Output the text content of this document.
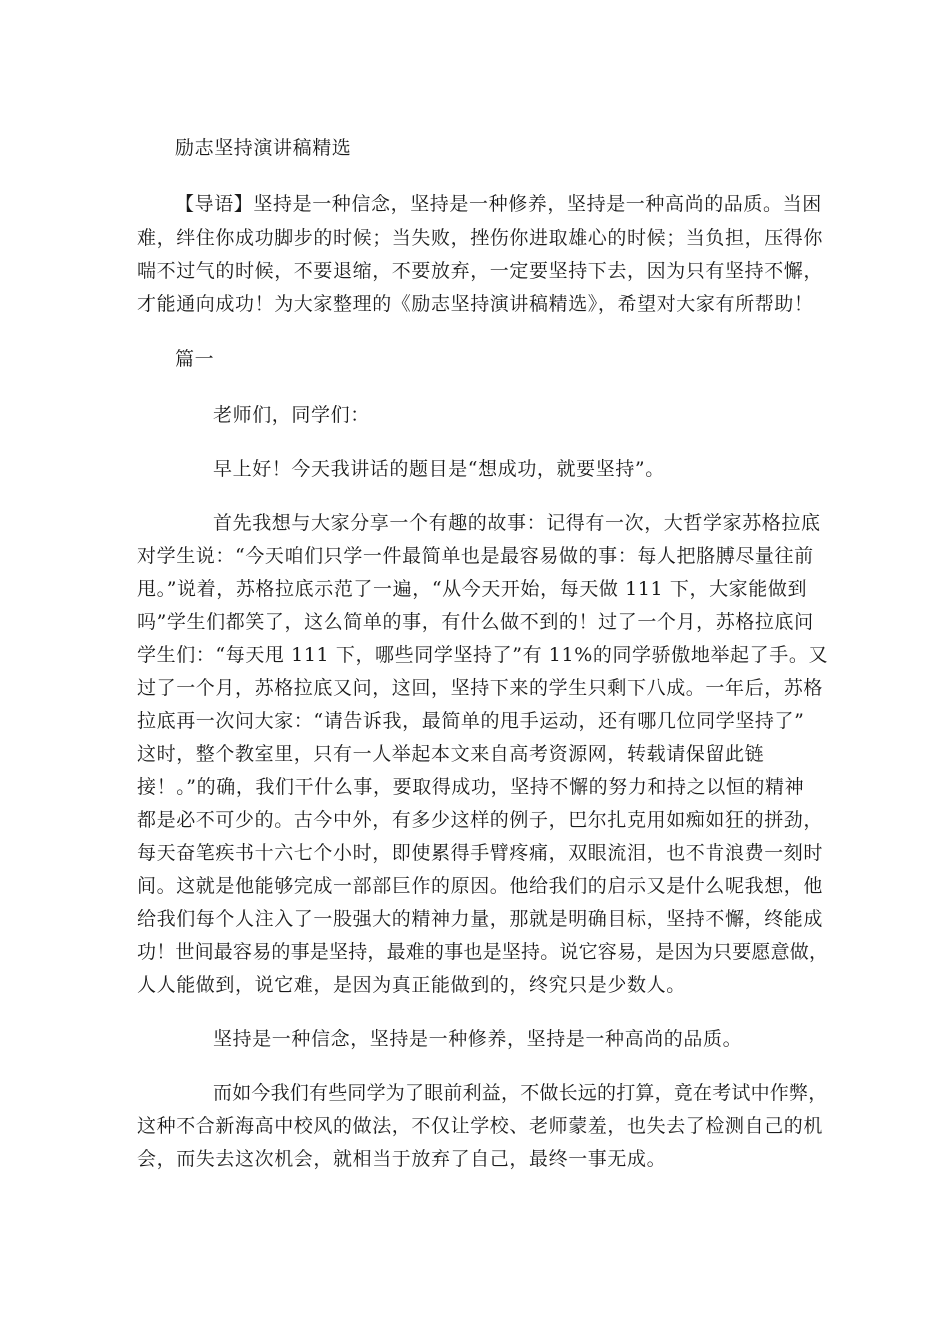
励志坚持演讲稿精选
【导语】坚持是一种信念，坚持是一种修养，坚持是一种高尚的品质。当困
难，绊住你成功脚步的时候；当失败，挫伤你进取雄心的时候；当负担，压得你
喘不过气的时候，不要退缩，不要放弃，一定要坚持下去，因为只有坚持不懈，
才能通向成功！为大家整理的《励志坚持演讲稿精选》，希望对大家有所帮助！
篇一
老师们，同学们：
早上好！今天我讲话的题目是“想成功，就要坚持”。
首先我想与大家分享一个有趣的故事：记得有一次，大哲学家苏格拉底
对学生说：“今天咱们只学一件最简单也是最容易做的事：每人把胳膊尽量往前
甩。”说着，苏格拉底示范了一遍，“从今天开始，每天做 111 下，大家能做到
吗”学生们都笑了，这么简单的事，有什么做不到的！过了一个月，苏格拉底问
学生们：“每天甩 111 下，哪些同学坚持了”有 11%的同学骄傲地举起了手。又
过了一个月，苏格拉底又问，这回，坚持下来的学生只剩下八成。一年后，苏格
拉底再一次问大家：“请告诉我，最简单的甩手运动，还有哪几位同学坚持了”
这时，整个教室里，只有一人举起本文来自高考资源网，转载请保留此链
接！。”的确，我们干什么事，要取得成功，坚持不懈的努力和持之以恒的精神
都是必不可少的。古今中外，有多少这样的例子，巴尔扎克用如痴如狂的拼劲，
每天奋笔疾书十六七个小时，即使累得手臂疼痛，双眼流泪，也不肯浪费一刻时
间。这就是他能够完成一部部巨作的原因。他给我们的启示又是什么呢我想，他
给我们每个人注入了一股强大的精神力量，那就是明确目标，坚持不懈，终能成
功！世间最容易的事是坚持，最难的事也是坚持。说它容易，是因为只要愿意做，
人人能做到，说它难，是因为真正能做到的，终究只是少数人。
坚持是一种信念，坚持是一种修养，坚持是一种高尚的品质。
而如今我们有些同学为了眼前利益，不做长远的打算，竟在考试中作弊，
这种不合新海高中校风的做法，不仅让学校、老师蒙羞，也失去了检测自己的机
会，而失去这次机会，就相当于放弃了自己，最终一事无成。
